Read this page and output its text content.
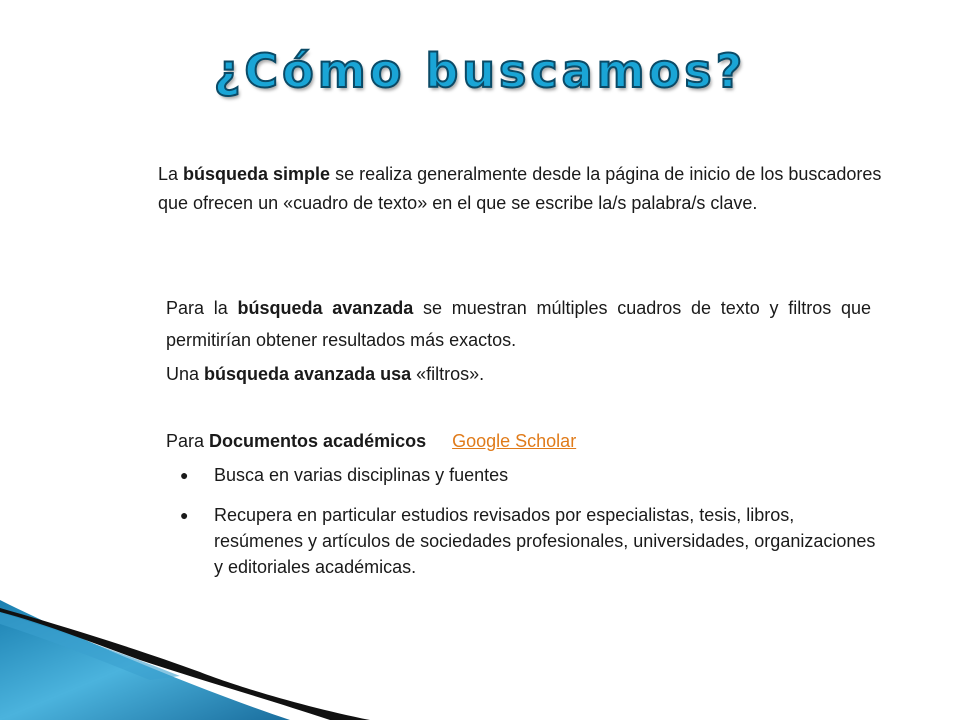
¿Cómo buscamos?

La búsqueda simple se realiza generalmente desde la página de inicio de los buscadores que ofrecen un «cuadro de texto» en el que se escribe la/s palabra/s clave.

Para la búsqueda avanzada se muestran múltiples cuadros de texto y filtros que permitirían obtener resultados más exactos.

Una búsqueda avanzada usa «filtros».

Para Documentos académicos Google Scholar

● Busca en varias disciplinas y fuentes
● Recupera en particular estudios revisados por especialistas, tesis, libros, resúmenes y artículos de sociedades profesionales, universidades, organizaciones y editoriales académicas.
